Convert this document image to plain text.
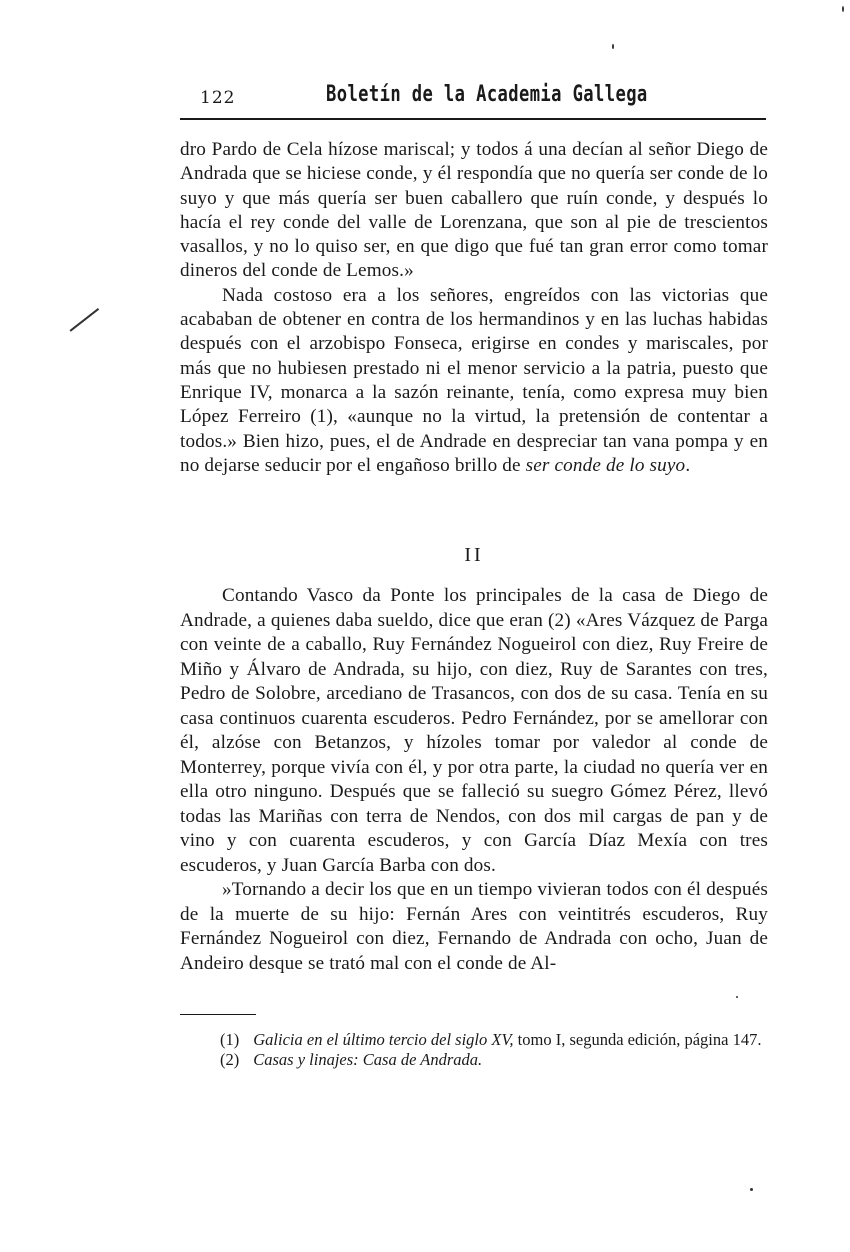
122	Boletín de la Academia Gallega

dro Pardo de Cela hízose mariscal; y todos á una decían al señor Diego de Andrada que se hiciese conde, y él respondía que no quería ser conde de lo suyo y que más quería ser buen caballero que ruín conde, y después lo hacía el rey conde del valle de Lorenzana, que son al pie de trescientos vasallos, y no lo quiso ser, en que digo que fué tan gran error como tomar dineros del conde de Lemos.»

Nada costoso era a los señores, engreídos con las victorias que acababan de obtener en contra de los hermandinos y en las luchas habidas después con el arzobispo Fonseca, erigirse en condes y mariscales, por más que no hubiesen prestado ni el menor servicio a la patria, puesto que Enrique IV, monarca a la sazón reinante, tenía, como expresa muy bien López Ferreiro (1), «aunque no la virtud, la pretensión de contentar a todos.» Bien hizo, pues, el de Andrade en despreciar tan vana pompa y en no dejarse seducir por el engañoso brillo de ser conde de lo suyo.

II

Contando Vasco da Ponte los principales de la casa de Diego de Andrade, a quienes daba sueldo, dice que eran (2) «Ares Vázquez de Parga con veinte de a caballo, Ruy Fernández Nogueirol con diez, Ruy Freire de Miño y Álvaro de Andrada, su hijo, con diez, Ruy de Sarantes con tres, Pedro de Solobre, arcediano de Trasancos, con dos de su casa. Tenía en su casa continuos cuarenta escuderos. Pedro Fernández, por se amellorar con él, alzóse con Betanzos, y hízoles tomar por valedor al conde de Monterrey, porque vivía con él, y por otra parte, la ciudad no quería ver en ella otro ninguno. Después que se falleció su suegro Gómez Pérez, llevó todas las Mariñas con terra de Nendos, con dos mil cargas de pan y de vino y con cuarenta escuderos, y con García Díaz Mexía con tres escuderos, y Juan García Barba con dos.

»Tornando a decir los que en un tiempo vivieran todos con él después de la muerte de su hijo: Fernán Ares con veintitrés escuderos, Ruy Fernández Nogueirol con diez, Fernando de Andrada con ocho, Juan de Andeiro desque se trató mal con el conde de Al-

(1) Galicia en el último tercio del siglo XV, tomo I, segunda edición, página 147.

(2) Casas y linajes: Casa de Andrada.
